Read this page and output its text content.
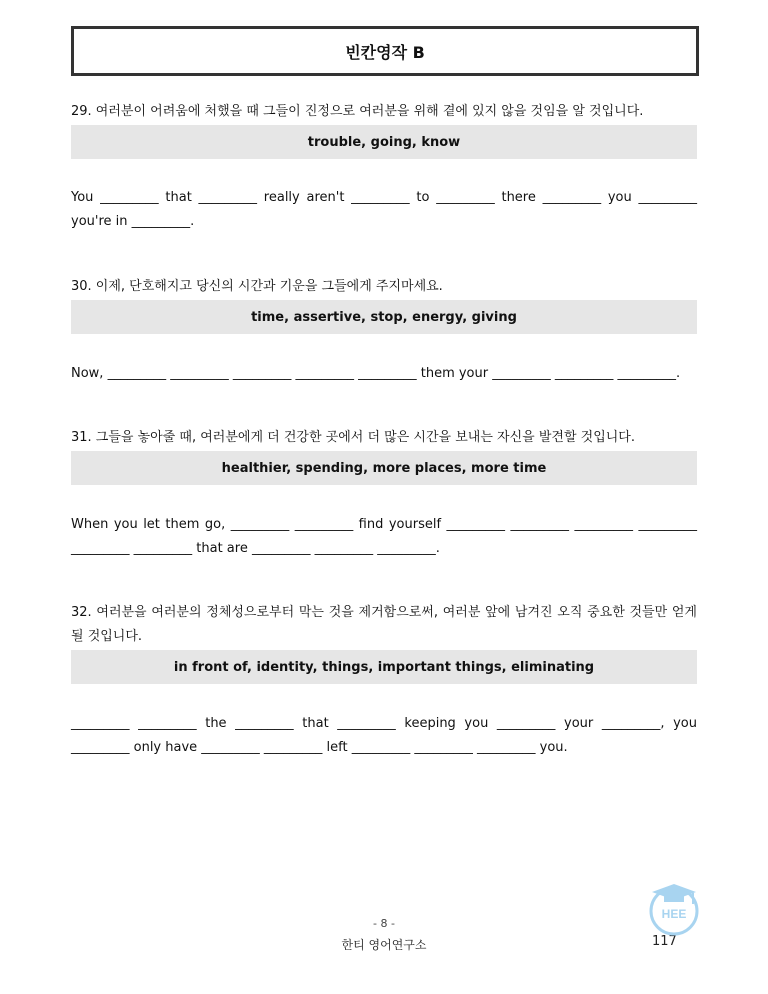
빈칸영작 B
29. 여러분이 어려움에 처했을 때 그들이 진정으로 여러분을 위해 곁에 있지 않을 것임을 알 것입니다.
trouble, going, know
You _________ that _________ really aren't _________ to _________ there _________ you _________ you're in _________.
30. 이제, 단호해지고 당신의 시간과 기운을 그들에게 주지마세요.
time, assertive, stop, energy, giving
Now, _________ _________ _________ _________ _________ them your _________ _________ _________.
31. 그들을 놓아줄 때, 여러분에게 더 건강한 곳에서 더 많은 시간을 보내는 자신을 발견할 것입니다.
healthier, spending, more places, more time
When you let them go, _________ _________ find yourself _________ _________ _________ _________ _________ _________ that are _________ _________ _________.
32. 여러분을 여러분의 정체성으로부터 막는 것을 제거함으로써, 여러분 앞에 남겨진 오직 중요한 것들만 얻게 될 것입니다.
in front of, identity, things, important things, eliminating
_________ _________ the _________ that _________ keeping you _________ your _________, you _________ only have _________ _________ left _________ _________ _________ you.
- 8 -
한티 영어연구소	117
HEE
